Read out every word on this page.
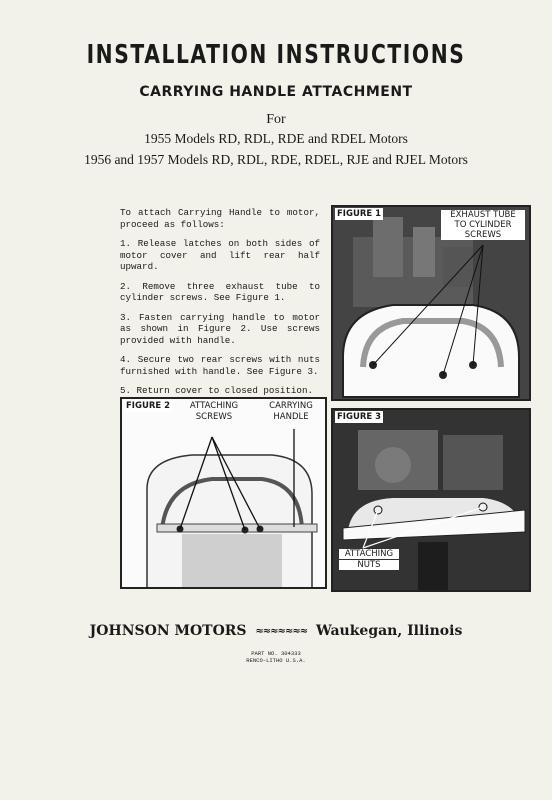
INSTALLATION INSTRUCTIONS
CARRYING HANDLE ATTACHMENT
For
1955 Models RD, RDL, RDE and RDEL Motors
1956 and 1957 Models RD, RDL, RDE, RDEL, RJE and RJEL Motors

To attach Carrying Handle to motor, proceed as follows:

1. Release latches on both sides of motor cover and lift rear half upward.

2. Remove three exhaust tube to cylinder screws. See Figure 1.

3. Fasten carrying handle to motor as shown in Figure 2. Use screws provided with handle.

4. Secure two rear screws with nuts furnished with handle. See Figure 3.

5. Return cover to closed position.

FIGURE 1	EXHAUST TUBE
TO CYLINDER
SCREWS
FIGURE 2	ATTACHING
SCREWS
CARRYING
HANDLE	FIGURE 3
ATTACHING
NUTS
JOHNSON MOTORS ≈≈≈≈≈≈≈ Waukegan, Illinois
PART NO. 304333
RENCO-LITHO U.S.A.
